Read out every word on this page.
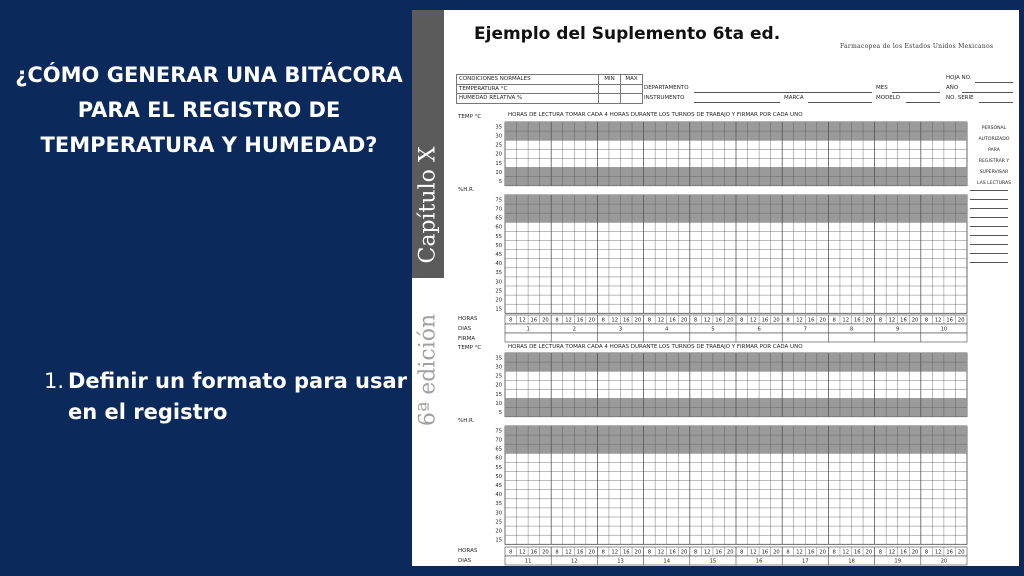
¿CÓMO GENERAR UNA BITÁCORA PARA EL REGISTRO DE TEMPERATURA Y HUMEDAD?
1. Definir un formato para usar en el registro
Capítulo X
6ª edición
Ejemplo del Suplemento 6ta ed.
Farmacopea de los Estados Unidos Mexicanos
CONDICIONES NORMALES	MIN	MAX
TEMPERATURA °C		
HUMEDAD RELATIVA %		
DEPARTAMENTO
INSTRUMENTO	MARCA
MES
MODELO
HOJA NO.
AÑO
NO. SERIE
TEMP °C	HORAS DE LECTURA TOMAR CADA 4 HORAS DURANTE LOS TURNOS DE TRABAJO Y FIRMAR POR CADA UNO
%H.R.
HORAS
DIAS
FIRMA
TEMP °C	HORAS DE LECTURA TOMAR CADA 4 HORAS DURANTE LOS TURNOS DE TRABAJO Y FIRMAR POR CADA UNO
%H.R.
HORAS
DIAS
PERSONAL
AUTORIZADO
PARA
REGISTRAR Y
SUPERVISAR
LAS LECTURAS
35
30
25
20
15
10
5
75
70
65
60
55
50
45
40
35
30
25
20
15
8 12 16 20 8 12 16 20 8 12 16 20 8 12 16 20 8 12 16 20 8 12 16 20 8 12 16 20 8 12 16 20 8 12 16 20 8 12 16 20
1	2	3	4	5	6	7	8	9	10
35
30
25
20
15
10
5
75
70
65
60
55
50
45
40
35
30
25
20
15
8 12 16 20 8 12 16 20 8 12 16 20 8 12 16 20 8 12 16 20 8 12 16 20 8 12 16 20 8 12 16 20 8 12 16 20 8 12 16 20
11	12	13	14	15	16	17	18	19	20
